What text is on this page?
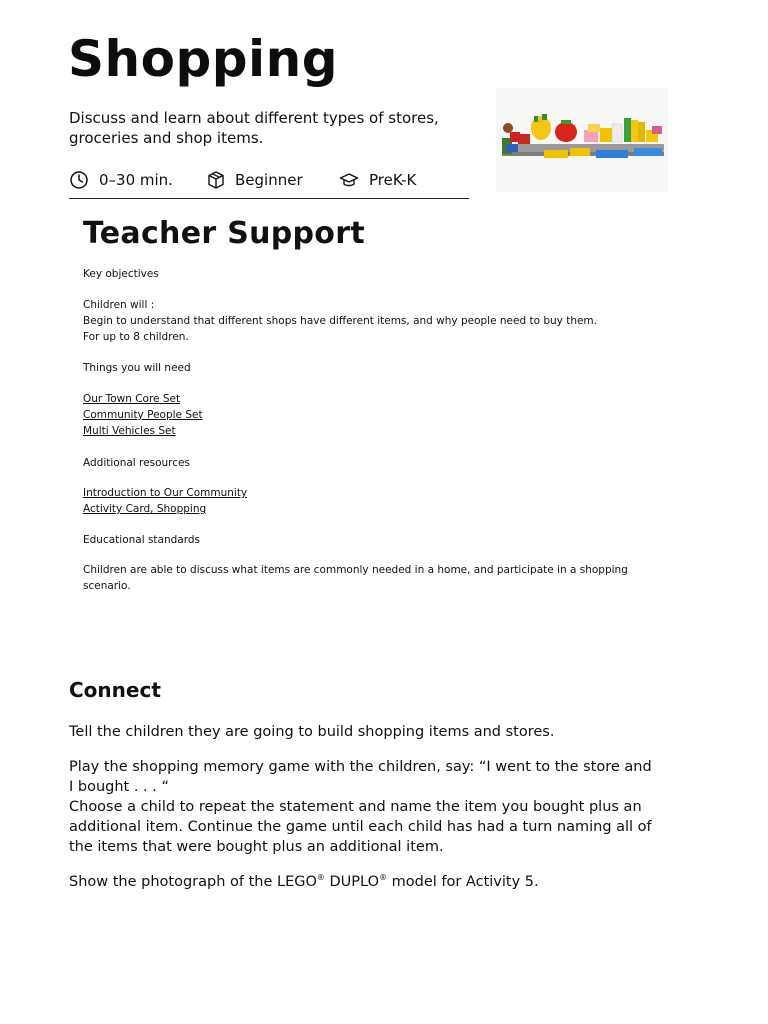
Shopping

Discuss and learn about different types of stores, groceries and shop items.

0–30 min.	Beginner	PreK-K
Teacher Support

Key objectives

Children will :

Begin to understand that different shops have different items, and why people need to buy them.

For up to 8 children.

Things you will need

Our Town Core Set

Community People Set

Multi Vehicles Set

Additional resources

Introduction to Our Community

Activity Card, Shopping

Educational standards

Children are able to discuss what items are commonly needed in a home, and participate in a shopping scenario.

Connect

Tell the children they are going to build shopping items and stores.

Play the shopping memory game with the children, say: “I went to the store and I bought . . . “

Choose a child to repeat the statement and name the item you bought plus an additional item. Continue the game until each child has had a turn naming all of the items that were bought plus an additional item.

Show the photograph of the LEGO® DUPLO® model for Activity 5.
